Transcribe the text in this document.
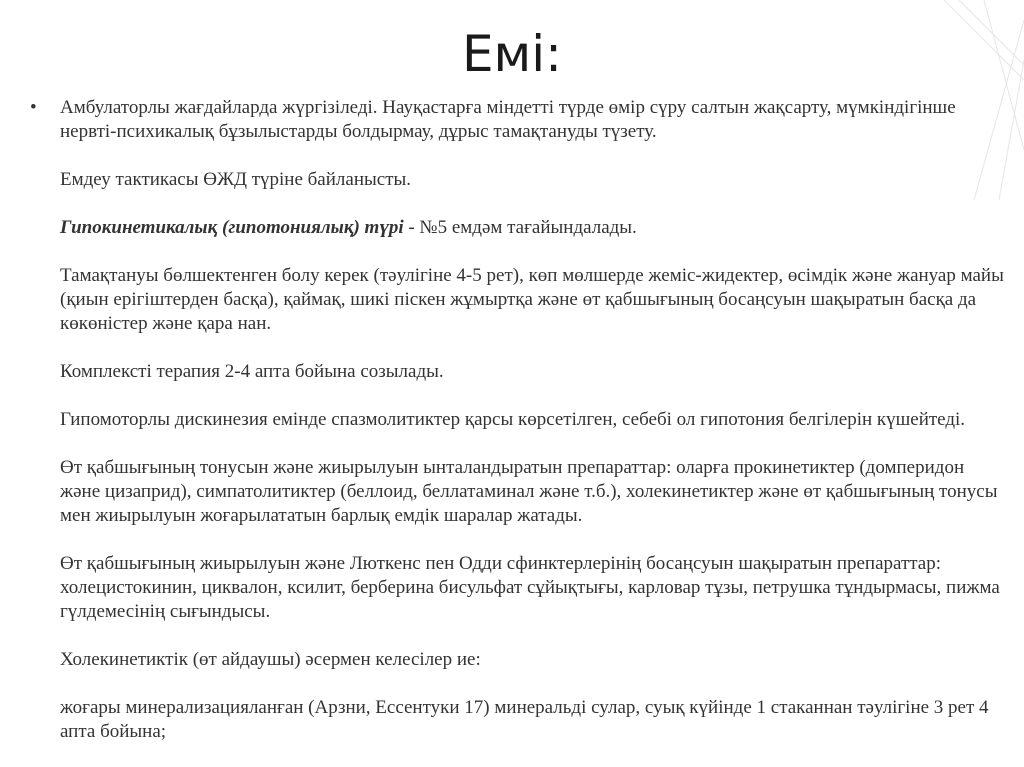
Емі:
• Амбулаторлы жағдайларда жүргізіледі. Науқастарға міндетті түрде өмір сүру салтын жақсарту, мүмкіндігінше нервті-психикалық бұзылыстарды болдырмау, дұрыс тамақтануды түзету.

Емдеу тактикасы ӨЖД түріне байланысты.

Гипокинетикалық (гипотониялық) түрі - №5 емдәм тағайындалады.

Тамақтануы бөлшектенген болу керек (тәулігіне 4-5 рет), көп мөлшерде жеміс-жидектер, өсімдік және жануар майы (қиын ерігіштерден басқа), қаймақ, шикі піскен жұмыртқа және өт қабшығының босаңсуын шақыратын басқа да көкөністер және қара нан.

Комплексті терапия 2-4 апта бойына созылады.

Гипомоторлы дискинезия емінде спазмолитиктер қарсы көрсетілген, себебі ол гипотония белгілерін күшейтеді.

Өт қабшығының тонусын және жиырылуын ынталандыратын препараттар: оларға прокинетиктер (домперидон және цизаприд), симпатолитиктер (беллоид, беллатаминал және т.б.), холекинетиктер және өт қабшығының тонусы мен жиырылуын жоғарылататын барлық емдік шаралар жатады.

Өт қабшығының жиырылуын және Люткенс пен Одди сфинктерлерінің босаңсуын шақыратын препараттар: холецистокинин, циквалон, ксилит, берберина бисульфат сұйықтығы, карловар тұзы, петрушка тұндырмасы, пижма гүлдемесінің сығындысы.

Холекинетиктік (өт айдаушы) әсермен келесілер ие:

жоғары минерализацияланған (Арзни, Ессентуки 17) минеральді сулар, суық күйінде 1 стаканнан тәулігіне 3 рет 4 апта бойына;
